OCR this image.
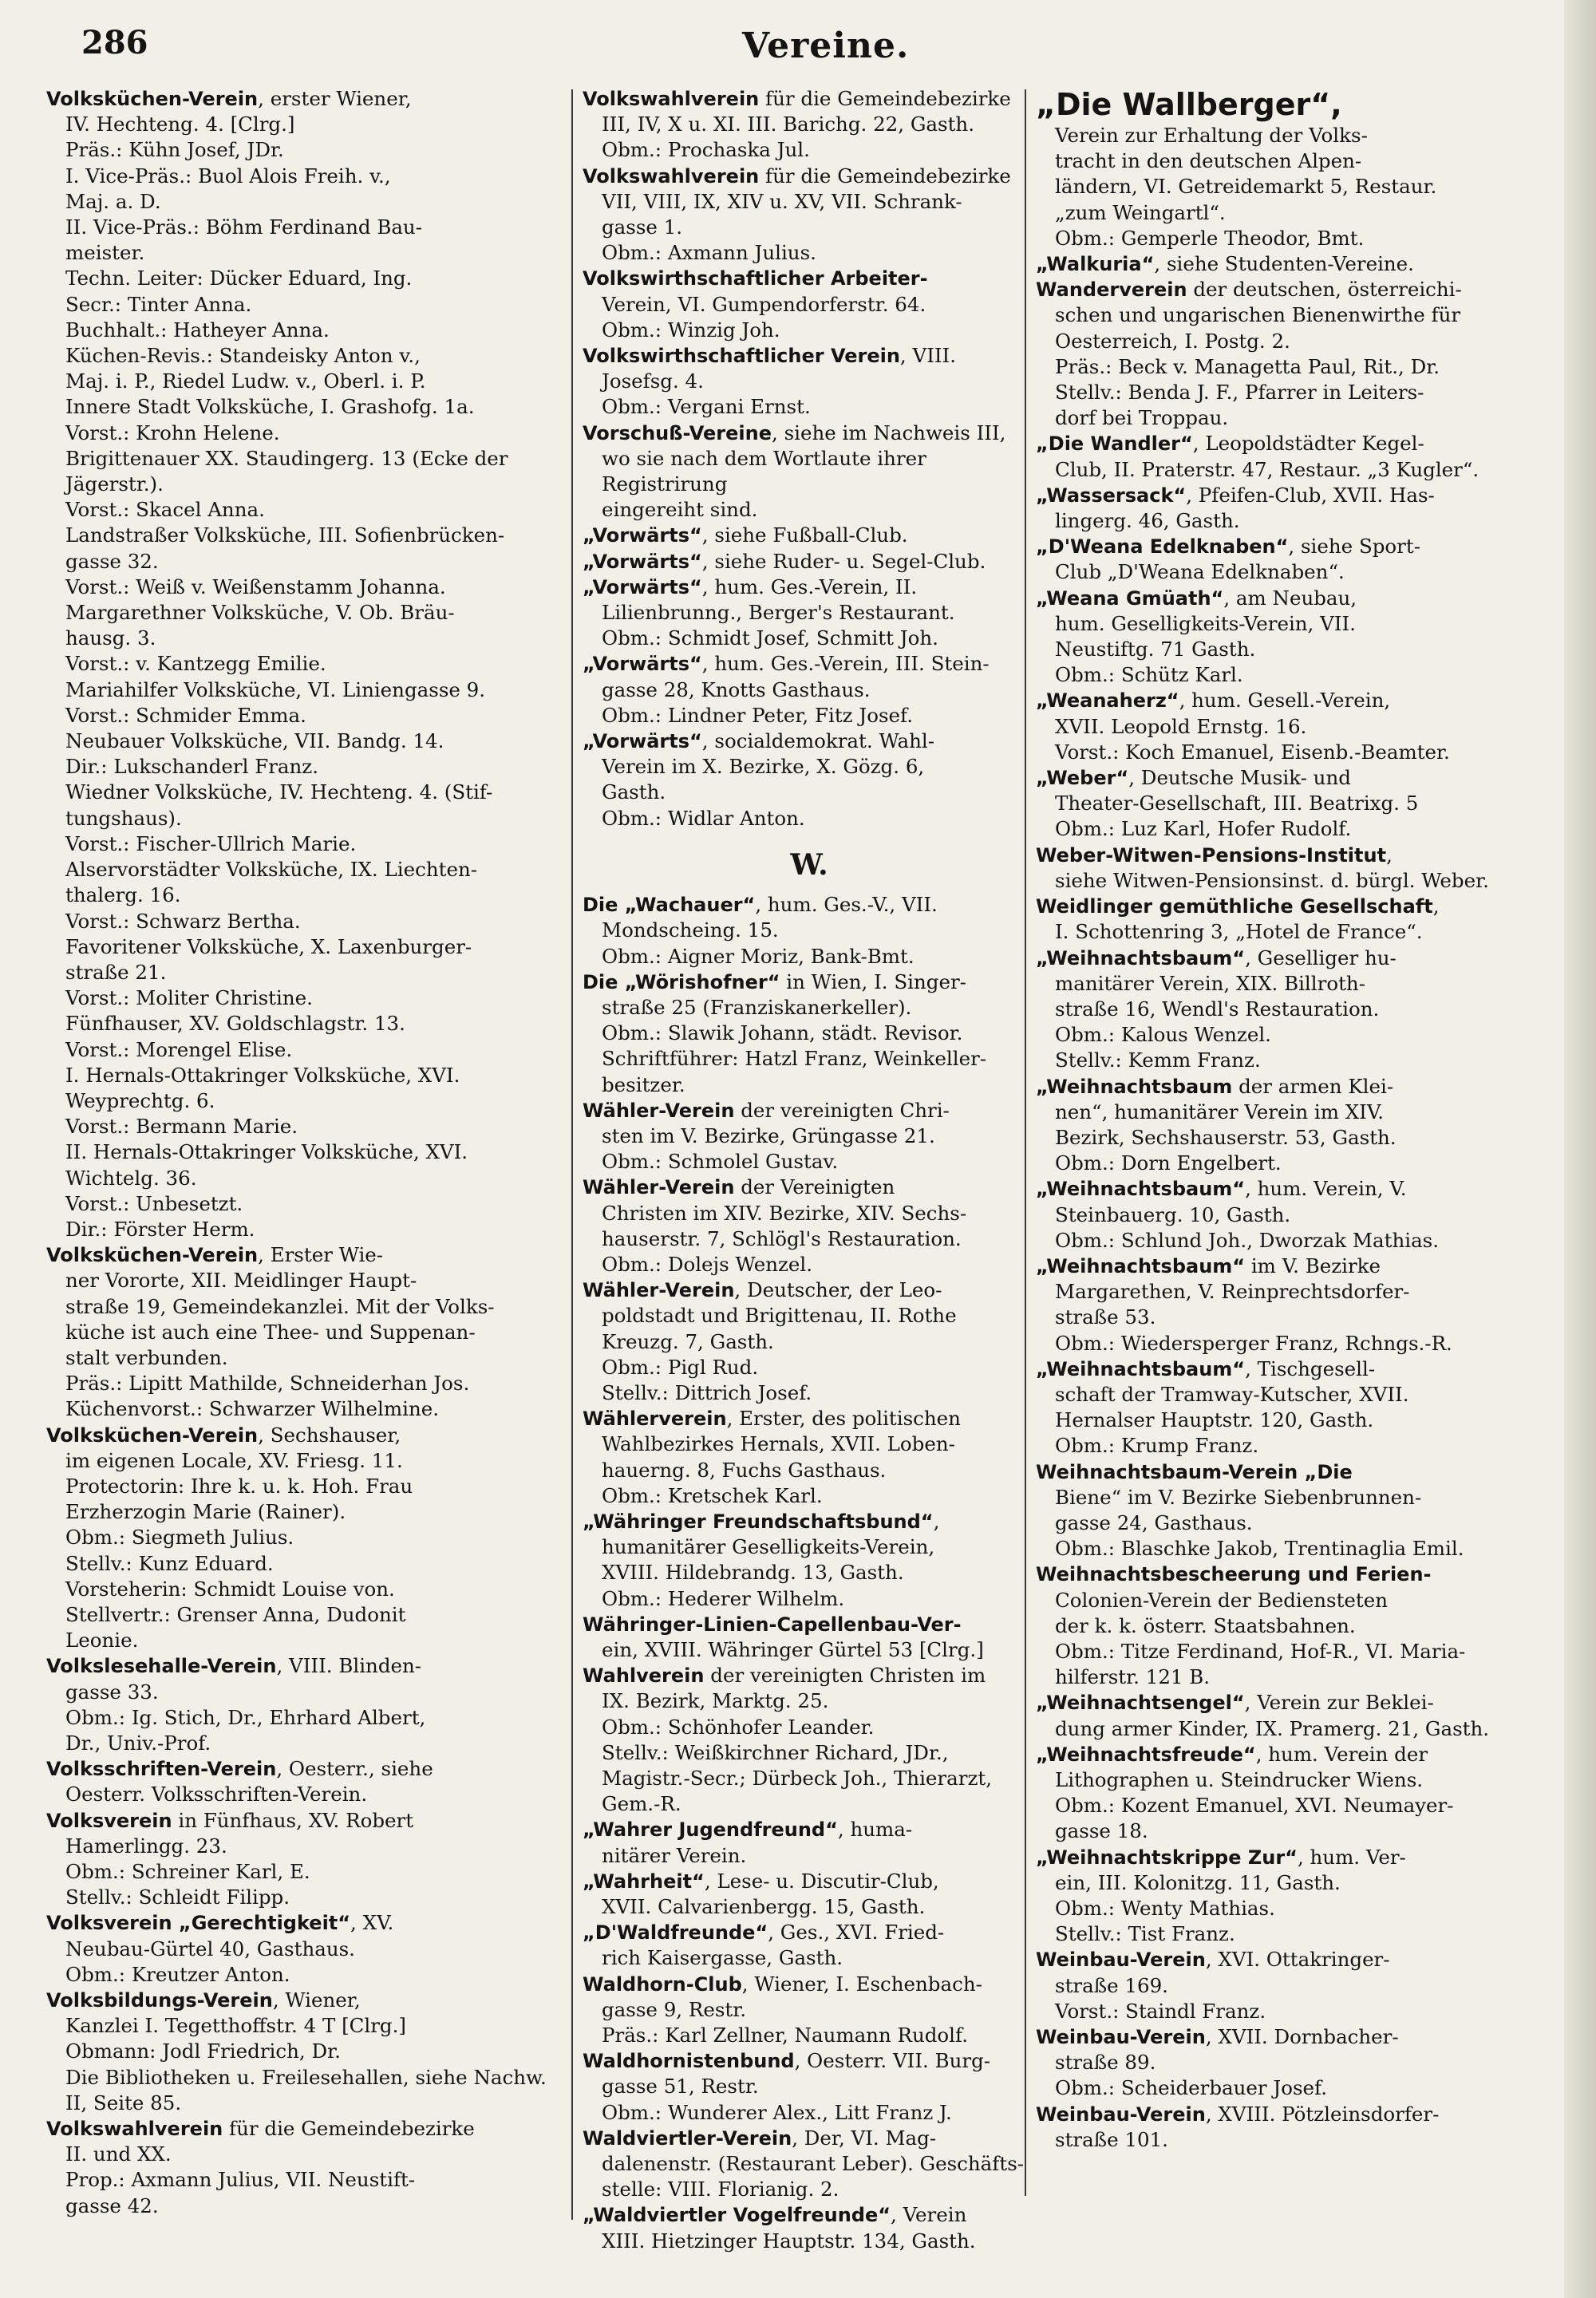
286	Vereine.

Volksküchen-Verein, erster Wiener,

IV. Hechteng. 4. [Clrg.]

Präs.: Kühn Josef, JDr.

I. Vice-Präs.: Buol Alois Freih. v.,

Maj. a. D.

II. Vice-Präs.: Böhm Ferdinand Bau-

meister.

Techn. Leiter: Dücker Eduard, Ing.

Secr.: Tinter Anna.

Buchhalt.: Hatheyer Anna.

Küchen-Revis.: Standeisky Anton v.,

Maj. i. P., Riedel Ludw. v., Oberl. i. P.

Innere Stadt Volksküche, I. Grashofg. 1a.

Vorst.: Krohn Helene.

Brigittenauer XX. Staudingerg. 13 (Ecke der

Jägerstr.).

Vorst.: Skacel Anna.

Landstraßer Volksküche, III. Sofienbrücken-

gasse 32.

Vorst.: Weiß v. Weißenstamm Johanna.

Margarethner Volksküche, V. Ob. Bräu-

hausg. 3.

Vorst.: v. Kantzegg Emilie.

Mariahilfer Volksküche, VI. Liniengasse 9.

Vorst.: Schmider Emma.

Neubauer Volksküche, VII. Bandg. 14.

Dir.: Lukschanderl Franz.

Wiedner Volksküche, IV. Hechteng. 4. (Stif-

tungshaus).

Vorst.: Fischer-Ullrich Marie.

Alservorstädter Volksküche, IX. Liechten-

thalerg. 16.

Vorst.: Schwarz Bertha.

Favoritener Volksküche, X. Laxenburger-

straße 21.

Vorst.: Moliter Christine.

Fünfhauser, XV. Goldschlagstr. 13.

Vorst.: Morengel Elise.

I. Hernals-Ottakringer Volksküche, XVI.

Weyprechtg. 6.

Vorst.: Bermann Marie.

II. Hernals-Ottakringer Volksküche, XVI.

Wichtelg. 36.

Vorst.: Unbesetzt.

Dir.: Förster Herm.

Volksküchen-Verein, Erster Wie-

ner Vororte, XII. Meidlinger Haupt-

straße 19, Gemeindekanzlei. Mit der Volks-

küche ist auch eine Thee- und Suppenan-

stalt verbunden.

Präs.: Lipitt Mathilde, Schneiderhan Jos.

Küchenvorst.: Schwarzer Wilhelmine.

Volksküchen-Verein, Sechshauser,

im eigenen Locale, XV. Friesg. 11.

Protectorin: Ihre k. u. k. Hoh. Frau

Erzherzogin Marie (Rainer).

Obm.: Siegmeth Julius.

Stellv.: Kunz Eduard.

Vorsteherin: Schmidt Louise von.

Stellvertr.: Grenser Anna, Dudonit

Leonie.

Volkslesehalle-Verein, VIII. Blinden-

gasse 33.

Obm.: Ig. Stich, Dr., Ehrhard Albert,

Dr., Univ.-Prof.

Volksschriften-Verein, Oesterr., siehe

Oesterr. Volksschriften-Verein.

Volksverein in Fünfhaus, XV. Robert

Hamerlingg. 23.

Obm.: Schreiner Karl, E.

Stellv.: Schleidt Filipp.

Volksverein „Gerechtigkeit“, XV.

Neubau-Gürtel 40, Gasthaus.

Obm.: Kreutzer Anton.

Volksbildungs-Verein, Wiener,

Kanzlei I. Tegetthoffstr. 4 T [Clrg.]

Obmann: Jodl Friedrich, Dr.

Die Bibliotheken u. Freilesehallen, siehe Nachw.

II, Seite 85.

Volkswahlverein für die Gemeindebezirke

II. und XX.

Prop.: Axmann Julius, VII. Neustift-

gasse 42.

Volkswahlverein für die Gemeindebezirke

III, IV, X u. XI. III. Barichg. 22, Gasth.

Obm.: Prochaska Jul.

Volkswahlverein für die Gemeindebezirke

VII, VIII, IX, XIV u. XV, VII. Schrank-

gasse 1.

Obm.: Axmann Julius.

Volkswirthschaftlicher Arbeiter-

Verein, VI. Gumpendorferstr. 64.

Obm.: Winzig Joh.

Volkswirthschaftlicher Verein, VIII.

Josefsg. 4.

Obm.: Vergani Ernst.

Vorschuß-Vereine, siehe im Nachweis III,

wo sie nach dem Wortlaute ihrer Registrirung

eingereiht sind.

„Vorwärts“, siehe Fußball-Club.

„Vorwärts“, siehe Ruder- u. Segel-Club.

„Vorwärts“, hum. Ges.-Verein, II.

Lilienbrunng., Berger's Restaurant.

Obm.: Schmidt Josef, Schmitt Joh.

„Vorwärts“, hum. Ges.-Verein, III. Stein-

gasse 28, Knotts Gasthaus.

Obm.: Lindner Peter, Fitz Josef.

„Vorwärts“, socialdemokrat. Wahl-

Verein im X. Bezirke, X. Gözg. 6,

Gasth.

Obm.: Widlar Anton.

W.

Die „Wachauer“, hum. Ges.-V., VII.

Mondscheing. 15.

Obm.: Aigner Moriz, Bank-Bmt.

Die „Wörishofner“ in Wien, I. Singer-

straße 25 (Franziskanerkeller).

Obm.: Slawik Johann, städt. Revisor.

Schriftführer: Hatzl Franz, Weinkeller-

besitzer.

Wähler-Verein der vereinigten Chri-

sten im V. Bezirke, Grüngasse 21.

Obm.: Schmolel Gustav.

Wähler-Verein der Vereinigten

Christen im XIV. Bezirke, XIV. Sechs-

hauserstr. 7, Schlögl's Restauration.

Obm.: Dolejs Wenzel.

Wähler-Verein, Deutscher, der Leo-

poldstadt und Brigittenau, II. Rothe

Kreuzg. 7, Gasth.

Obm.: Pigl Rud.

Stellv.: Dittrich Josef.

Wählerverein, Erster, des politischen

Wahlbezirkes Hernals, XVII. Loben-

hauerng. 8, Fuchs Gasthaus.

Obm.: Kretschek Karl.

„Währinger Freundschaftsbund“,

humanitärer Geselligkeits-Verein,

XVIII. Hildebrandg. 13, Gasth.

Obm.: Hederer Wilhelm.

Währinger-Linien-Capellenbau-Ver-

ein, XVIII. Währinger Gürtel 53 [Clrg.]

Wahlverein der vereinigten Christen im

IX. Bezirk, Marktg. 25.

Obm.: Schönhofer Leander.

Stellv.: Weißkirchner Richard, JDr.,

Magistr.-Secr.; Dürbeck Joh., Thierarzt,

Gem.-R.

„Wahrer Jugendfreund“, huma-

nitärer Verein.

„Wahrheit“, Lese- u. Discutir-Club,

XVII. Calvarienbergg. 15, Gasth.

„D'Waldfreunde“, Ges., XVI. Fried-

rich Kaisergasse, Gasth.

Waldhorn-Club, Wiener, I. Eschenbach-

gasse 9, Restr.

Präs.: Karl Zellner, Naumann Rudolf.

Waldhornistenbund, Oesterr. VII. Burg-

gasse 51, Restr.

Obm.: Wunderer Alex., Litt Franz J.

Waldviertler-Verein, Der, VI. Mag-

dalenenstr. (Restaurant Leber). Geschäfts-

stelle: VIII. Florianig. 2.

„Waldviertler Vogelfreunde“, Verein

XIII. Hietzinger Hauptstr. 134, Gasth.

„Die Wallberger“,

Verein zur Erhaltung der Volks-

tracht in den deutschen Alpen-

ländern, VI. Getreidemarkt 5, Restaur.

„zum Weingartl“.

Obm.: Gemperle Theodor, Bmt.

„Walkuria“, siehe Studenten-Vereine.

Wanderverein der deutschen, österreichi-

schen und ungarischen Bienenwirthe für

Oesterreich, I. Postg. 2.

Präs.: Beck v. Managetta Paul, Rit., Dr.

Stellv.: Benda J. F., Pfarrer in Leiters-

dorf bei Troppau.

„Die Wandler“, Leopoldstädter Kegel-

Club, II. Praterstr. 47, Restaur. „3 Kugler“.

„Wassersack“, Pfeifen-Club, XVII. Has-

lingerg. 46, Gasth.

„D'Weana Edelknaben“, siehe Sport-

Club „D'Weana Edelknaben“.

„Weana Gmüath“, am Neubau,

hum. Geselligkeits-Verein, VII.

Neustiftg. 71 Gasth.

Obm.: Schütz Karl.

„Weanaherz“, hum. Gesell.-Verein,

XVII. Leopold Ernstg. 16.

Vorst.: Koch Emanuel, Eisenb.-Beamter.

„Weber“, Deutsche Musik- und

Theater-Gesellschaft, III. Beatrixg. 5

Obm.: Luz Karl, Hofer Rudolf.

Weber-Witwen-Pensions-Institut,

siehe Witwen-Pensionsinst. d. bürgl. Weber.

Weidlinger gemüthliche Gesellschaft,

I. Schottenring 3, „Hotel de France“.

„Weihnachtsbaum“, Geselliger hu-

manitärer Verein, XIX. Billroth-

straße 16, Wendl's Restauration.

Obm.: Kalous Wenzel.

Stellv.: Kemm Franz.

„Weihnachtsbaum der armen Klei-

nen“, humanitärer Verein im XIV.

Bezirk, Sechshauserstr. 53, Gasth.

Obm.: Dorn Engelbert.

„Weihnachtsbaum“, hum. Verein, V.

Steinbauerg. 10, Gasth.

Obm.: Schlund Joh., Dworzak Mathias.

„Weihnachtsbaum“ im V. Bezirke

Margarethen, V. Reinprechtsdorfer-

straße 53.

Obm.: Wiedersperger Franz, Rchngs.-R.

„Weihnachtsbaum“, Tischgesell-

schaft der Tramway-Kutscher, XVII.

Hernalser Hauptstr. 120, Gasth.

Obm.: Krump Franz.

Weihnachtsbaum-Verein „Die

Biene“ im V. Bezirke Siebenbrunnen-

gasse 24, Gasthaus.

Obm.: Blaschke Jakob, Trentinaglia Emil.

Weihnachtsbescheerung und Ferien-

Colonien-Verein der Bediensteten

der k. k. österr. Staatsbahnen.

Obm.: Titze Ferdinand, Hof-R., VI. Maria-

hilferstr. 121 B.

„Weihnachtsengel“, Verein zur Beklei-

dung armer Kinder, IX. Pramerg. 21, Gasth.

„Weihnachtsfreude“, hum. Verein der

Lithographen u. Steindrucker Wiens.

Obm.: Kozent Emanuel, XVI. Neumayer-

gasse 18.

„Weihnachtskrippe Zur“, hum. Ver-

ein, III. Kolonitzg. 11, Gasth.

Obm.: Wenty Mathias.

Stellv.: Tist Franz.

Weinbau-Verein, XVI. Ottakringer-

straße 169.

Vorst.: Staindl Franz.

Weinbau-Verein, XVII. Dornbacher-

straße 89.

Obm.: Scheiderbauer Josef.

Weinbau-Verein, XVIII. Pötzleinsdorfer-

straße 101.
